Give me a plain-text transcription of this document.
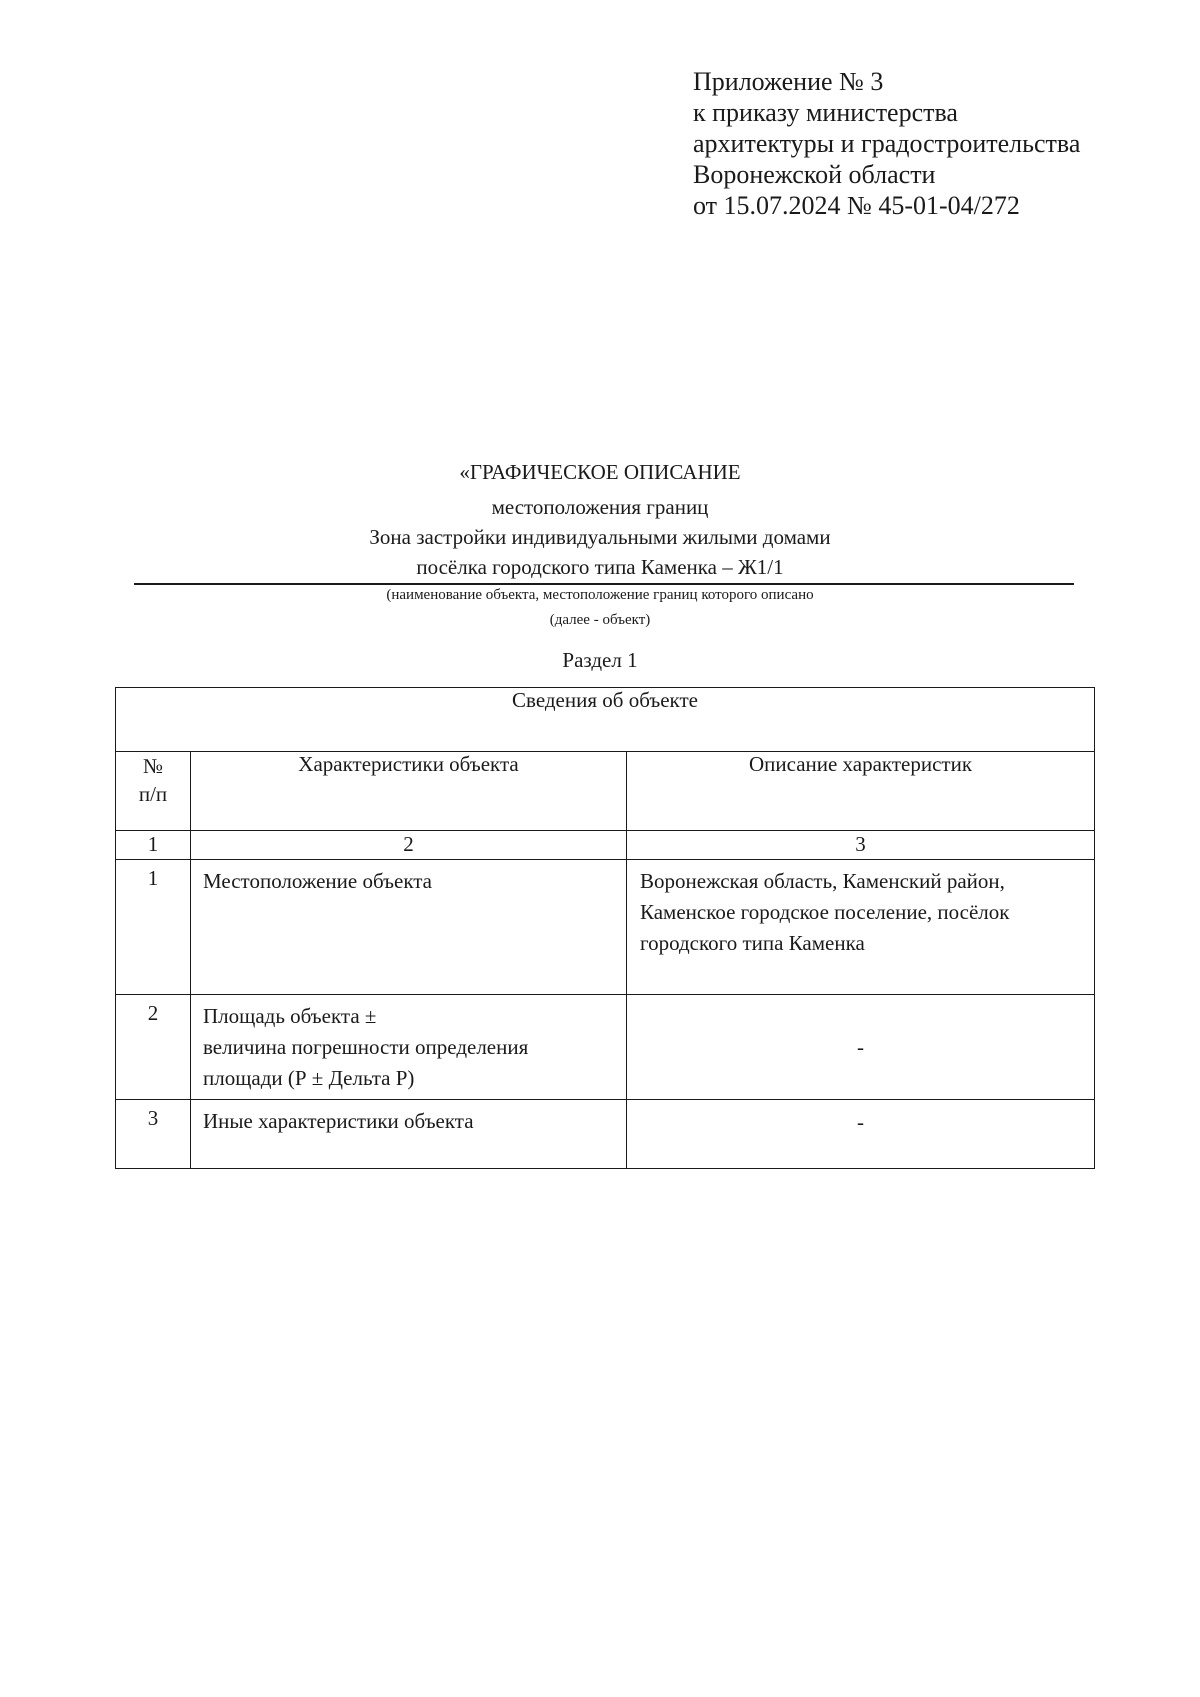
Приложение № 3
к приказу министерства
архитектуры и градостроительства
Воронежской области
от 15.07.2024 № 45-01-04/272
«ГРАФИЧЕСКОЕ ОПИСАНИЕ
местоположения границ
Зона застройки индивидуальными жилыми домами
посёлка городского типа Каменка – Ж1/1
(наименование объекта, местоположение границ которого описано
(далее - объект)
Раздел 1
Сведения об объекте		

№
п/п	Характеристики объекта	Описание характеристик
1	2	3
1	Местоположение объекта	Воронежская область, Каменский район,
Каменское городское поселение, посёлок
городского типа Каменка

2	Площадь объекта ±
величина погрешности определения
площади (Р ± Дельта Р)	-
3	Иные характеристики объекта	-
